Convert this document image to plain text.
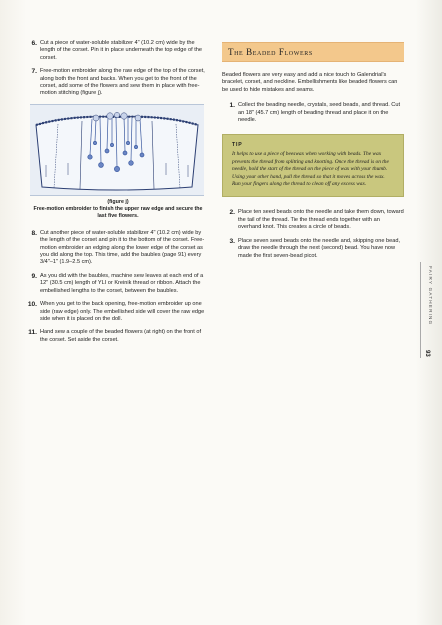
6. Cut a piece of water-soluble stabilizer 4" (10.2 cm) wide by the length of the corset. Pin it in place underneath the top edge of the corset.
7. Free-motion embroider along the raw edge of the top of the corset, along both the front and backs. When you get to the front of the corset, add some of the flowers and sew them in place with free-motion stitching (figure j).
(figure j)
Free-motion embroider to finish the upper raw edge and secure the last five flowers.
8. Cut another piece of water-soluble stabilizer 4" (10.2 cm) wide by the length of the corset and pin it to the bottom of the corset. Free-motion embroider an edging along the lower edge of the corset as you did along the top. This time, add the baubles (page 91) every 3/4"–1" (1.9–2.5 cm).
9. As you did with the baubles, machine sew leaves at each end of a 12" (30.5 cm) length of YLI or Kreinik thread or ribbon. Attach the embellished lengths to the corset, between the baubles.
10. When you get to the back opening, free-motion embroider up one side (raw edge) only. The embellished side will cover the raw edge side when it is placed on the doll.
11. Hand sew a couple of the beaded flowers (at right) on the front of the corset. Set aside the corset.
The Beaded Flowers

Beaded flowers are very easy and add a nice touch to Galendrial's bracelet, corset, and neckline. Embellishments like beaded flowers can be used to hide mistakes and seams.

1. Collect the beading needle, crystals, seed beads, and thread. Cut an 18" (45.7 cm) length of beading thread and place it on the needle.
TIP
It helps to use a piece of beeswax when working with beads. The wax prevents the thread from splitting and knotting. Once the thread is on the needle, hold the start of the thread on the piece of wax with your thumb. Using your other hand, pull the thread so that it moves across the wax. Run your fingers along the thread to clean off any excess wax.
2. Place ten seed beads onto the needle and take them down, toward the tail of the thread. Tie the thread ends together with an overhand knot. This creates a circle of beads.
3. Place seven seed beads onto the needle and, skipping one bead, draw the needle through the next (second) bead. You have now made the first seven-bead picot.
FAIRY GATHERING
93
